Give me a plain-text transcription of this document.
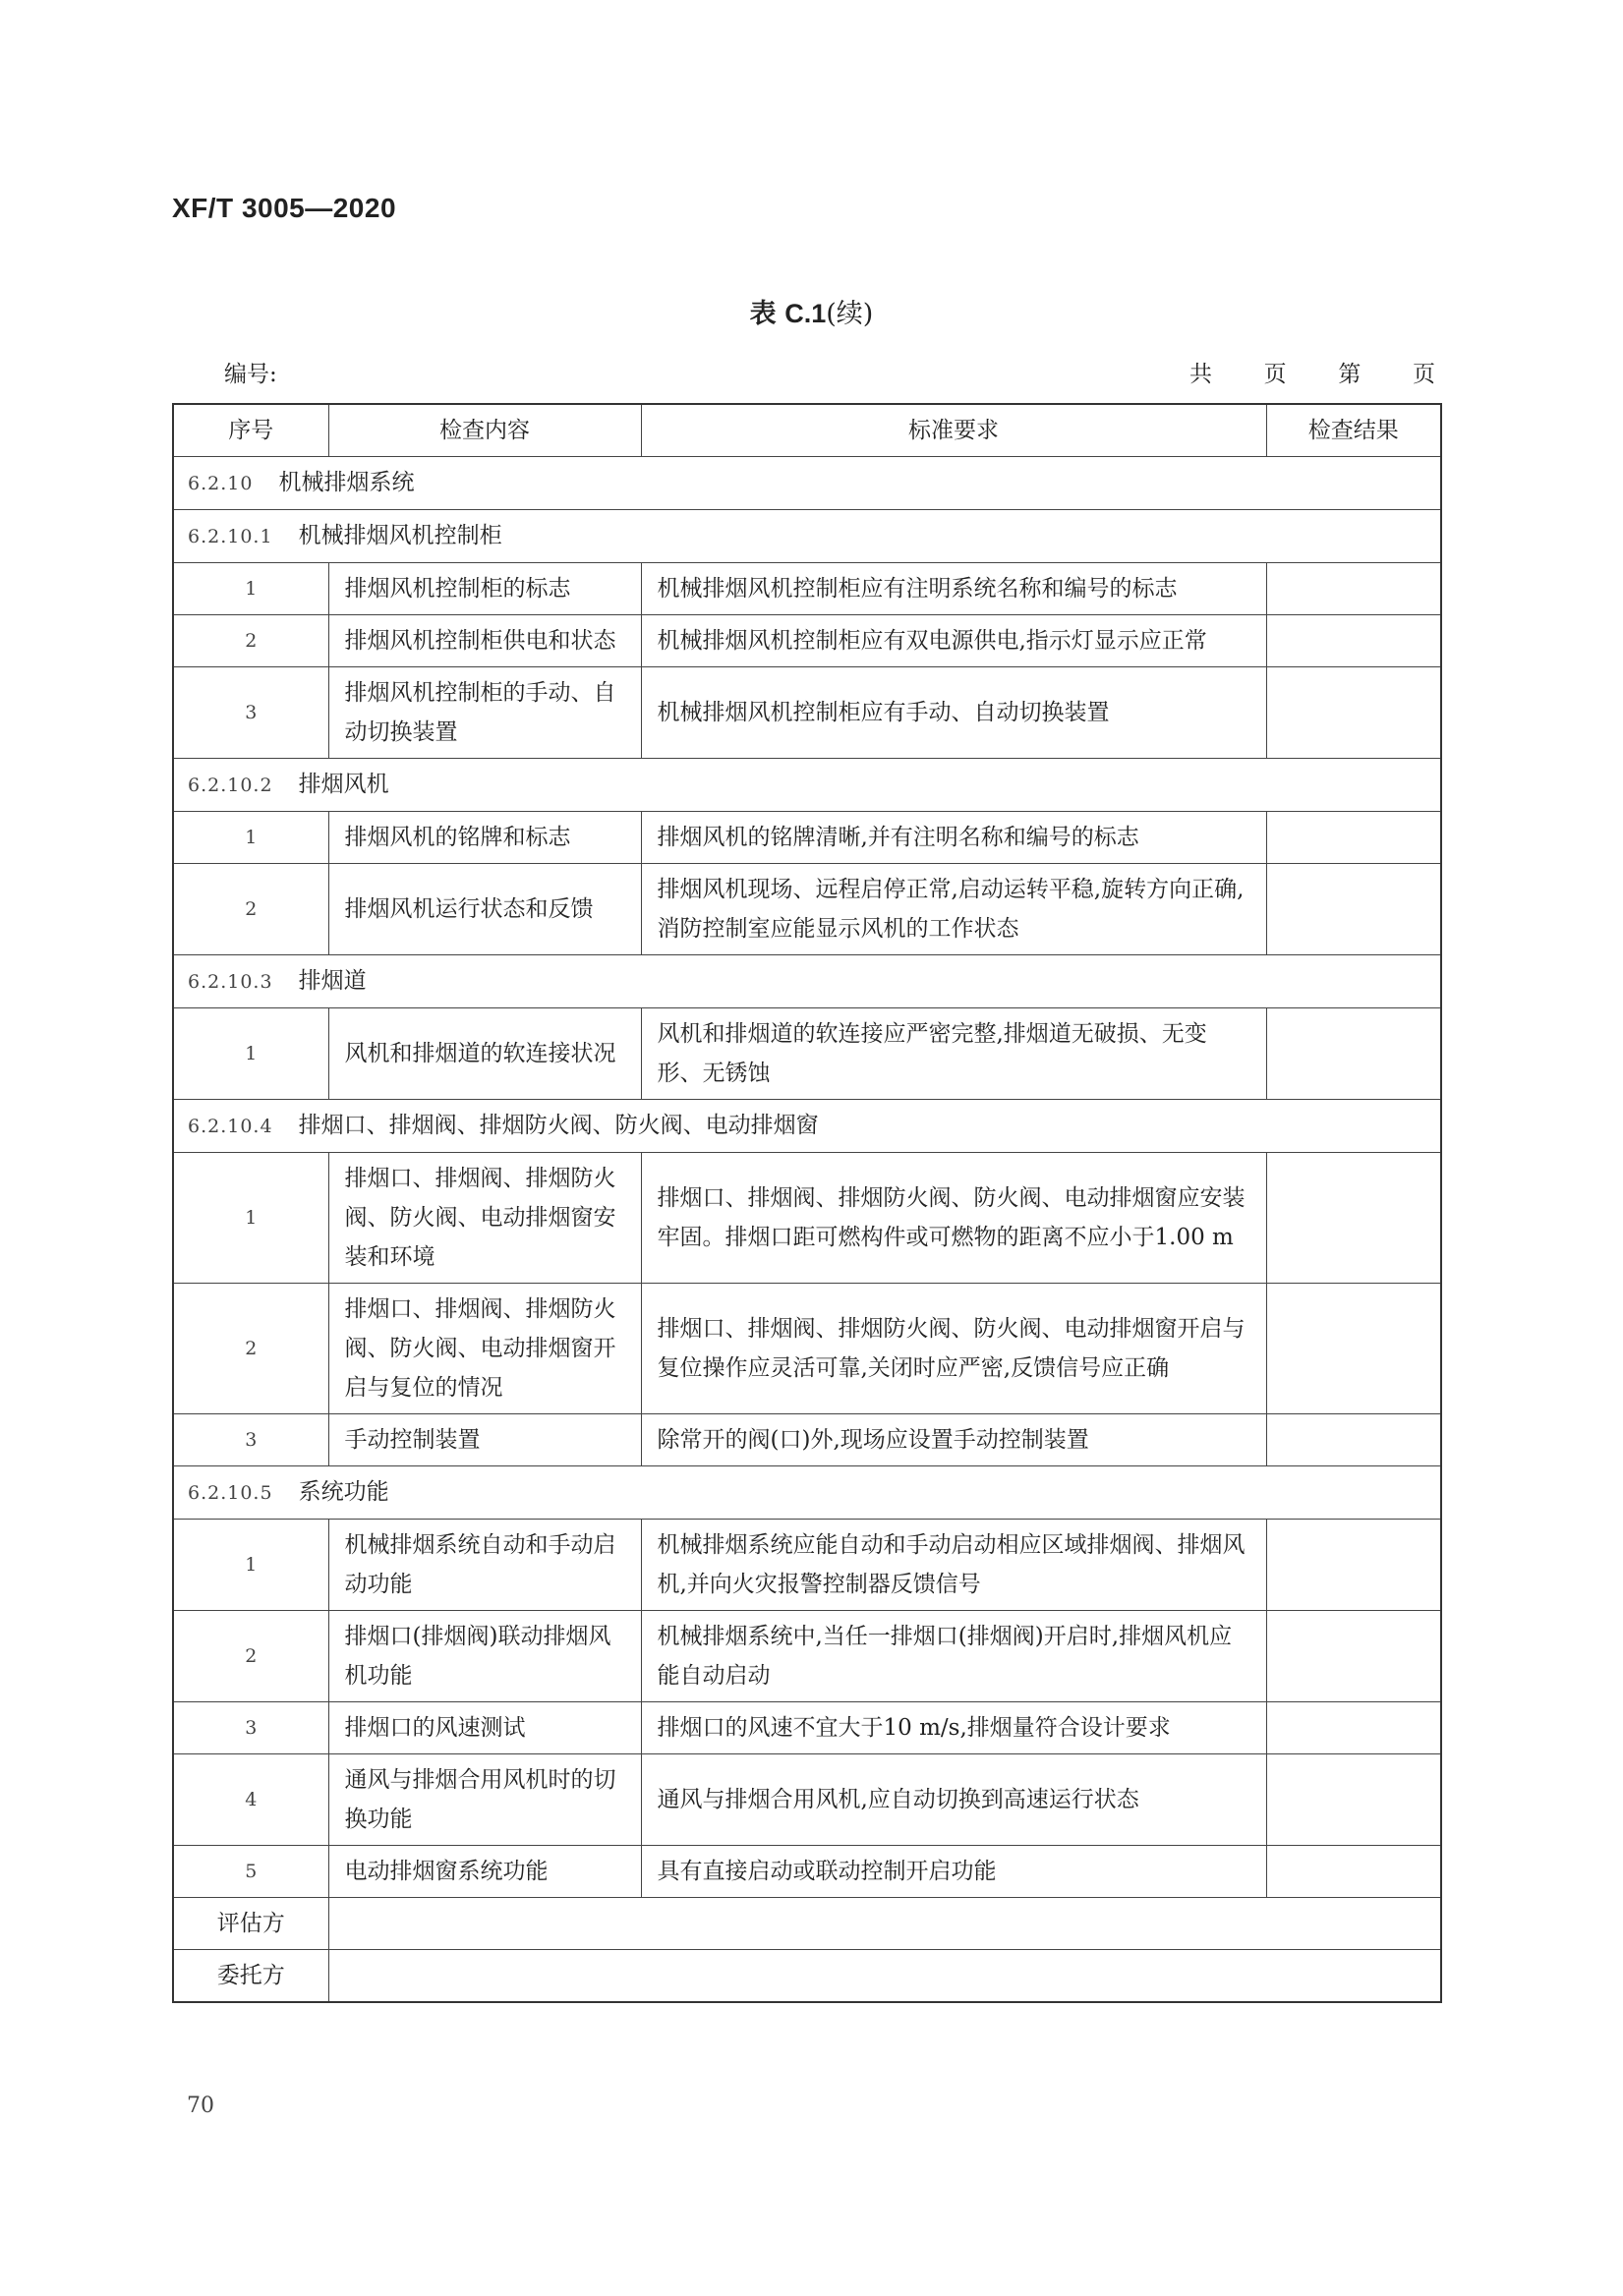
XF/T 3005—2020
表 C.1(续)
编号:	共 页 第 页
序号	检查内容	标准要求	检查结果
6.2.10 机械排烟系统			
6.2.10.1 机械排烟风机控制柜			
1	排烟风机控制柜的标志	机械排烟风机控制柜应有注明系统名称和编号的标志	
2	排烟风机控制柜供电和状态	机械排烟风机控制柜应有双电源供电,指示灯显示应正常	
3	排烟风机控制柜的手动、自动切换装置	机械排烟风机控制柜应有手动、自动切换装置	
6.2.10.2 排烟风机			
1	排烟风机的铭牌和标志	排烟风机的铭牌清晰,并有注明名称和编号的标志	
2	排烟风机运行状态和反馈	排烟风机现场、远程启停正常,启动运转平稳,旋转方向正确,消防控制室应能显示风机的工作状态	
6.2.10.3 排烟道			
1	风机和排烟道的软连接状况	风机和排烟道的软连接应严密完整,排烟道无破损、无变形、无锈蚀	
6.2.10.4 排烟口、排烟阀、排烟防火阀、防火阀、电动排烟窗			
1	排烟口、排烟阀、排烟防火阀、防火阀、电动排烟窗安装和环境	排烟口、排烟阀、排烟防火阀、防火阀、电动排烟窗应安装牢固。排烟口距可燃构件或可燃物的距离不应小于1.00 m	
2	排烟口、排烟阀、排烟防火阀、防火阀、电动排烟窗开启与复位的情况	排烟口、排烟阀、排烟防火阀、防火阀、电动排烟窗开启与复位操作应灵活可靠,关闭时应严密,反馈信号应正确	
3	手动控制装置	除常开的阀(口)外,现场应设置手动控制装置	
6.2.10.5 系统功能			
1	机械排烟系统自动和手动启动功能	机械排烟系统应能自动和手动启动相应区域排烟阀、排烟风机,并向火灾报警控制器反馈信号	
2	排烟口(排烟阀)联动排烟风机功能	机械排烟系统中,当任一排烟口(排烟阀)开启时,排烟风机应能自动启动	
3	排烟口的风速测试	排烟口的风速不宜大于10 m/s,排烟量符合设计要求	
4	通风与排烟合用风机时的切换功能	通风与排烟合用风机,应自动切换到高速运行状态	
5	电动排烟窗系统功能	具有直接启动或联动控制开启功能	
评估方			
委托方			
70
